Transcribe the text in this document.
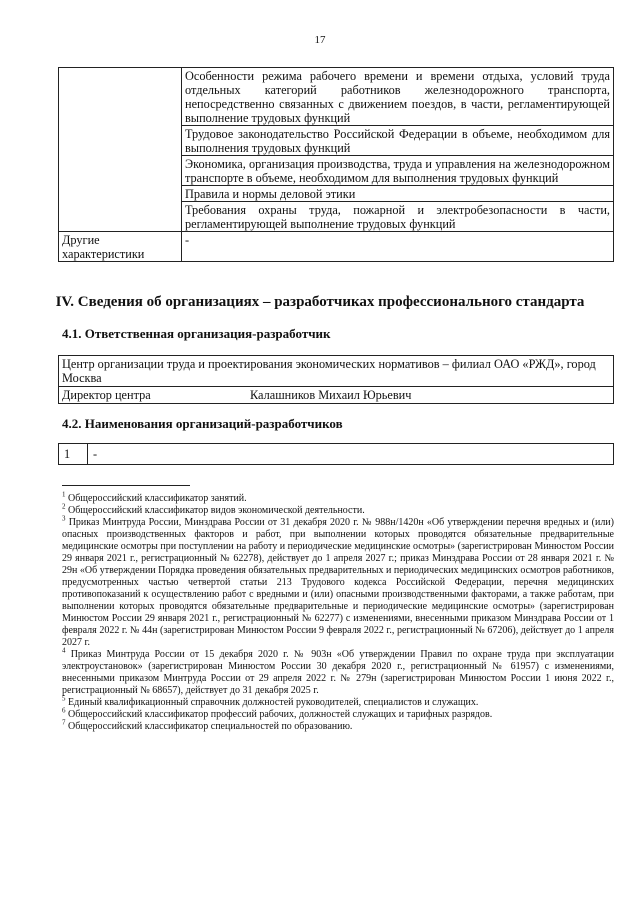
17
	Особенности режима рабочего времени и времени отдыха, условий труда отдельных категорий работников железнодорожного транспорта, непосредственно связанных с движением поездов, в части, регламентирующей выполнение трудовых функций
	Трудовое законодательство Российской Федерации в объеме, необходимом для выполнения трудовых функций
	Экономика, организация производства, труда и управления на железнодорожном транспорте в объеме, необходимом для выполнения трудовых функций
	Правила и нормы деловой этики
	Требования охраны труда, пожарной и электробезопасности в части, регламентирующей выполнение трудовых функций
Другие характеристики	-
IV. Сведения об организациях – разработчиках профессионального стандарта
4.1. Ответственная организация-разработчик
Центр организации труда и проектирования экономических нормативов – филиал ОАО «РЖД», город Москва

Директор центра	Калашников Михаил Юрьевич
4.2. Наименования организаций-разработчиков
1	-

$^1$ Общероссийский классификатор занятий.

$^2$ Общероссийский классификатор видов экономической деятельности.

$^3$ Приказ Минтруда России, Минздрава России от 31 декабря 2020 г. № 988н/1420н «Об утверждении перечня вредных и (или) опасных производственных факторов и работ, при выполнении которых проводятся обязательные предварительные медицинские осмотры при поступлении на работу и периодические медицинские осмотры» (зарегистрирован Минюстом России 29 января 2021 г., регистрационный № 62278), действует до 1 апреля 2027 г.; приказ Минздрава России от 28 января 2021 г. № 29н «Об утверждении Порядка проведения обязательных предварительных и периодических медицинских осмотров работников, предусмотренных частью четвертой статьи 213 Трудового кодекса Российской Федерации, перечня медицинских противопоказаний к осуществлению работ с вредными и (или) опасными производственными факторами, а также работам, при выполнении которых проводятся обязательные предварительные и периодические медицинские осмотры» (зарегистрирован Минюстом России 29 января 2021 г., регистрационный № 62277) с изменениями, внесенными приказом Минздрава России от 1 февраля 2022 г. № 44н (зарегистрирован Минюстом России 9 февраля 2022 г., регистрационный № 67206), действует до 1 апреля 2027 г.

$^4$ Приказ Минтруда России от 15 декабря 2020 г. № 903н «Об утверждении Правил по охране труда при эксплуатации электроустановок» (зарегистрирован Минюстом России 30 декабря 2020 г., регистрационный № 61957) с изменениями, внесенными приказом Минтруда России от 29 апреля 2022 г. № 279н (зарегистрирован Минюстом России 1 июня 2022 г., регистрационный № 68657), действует до 31 декабря 2025 г.

$^5$ Единый квалификационный справочник должностей руководителей, специалистов и служащих.

$^6$ Общероссийский классификатор профессий рабочих, должностей служащих и тарифных разрядов.

$^7$ Общероссийский классификатор специальностей по образованию.
